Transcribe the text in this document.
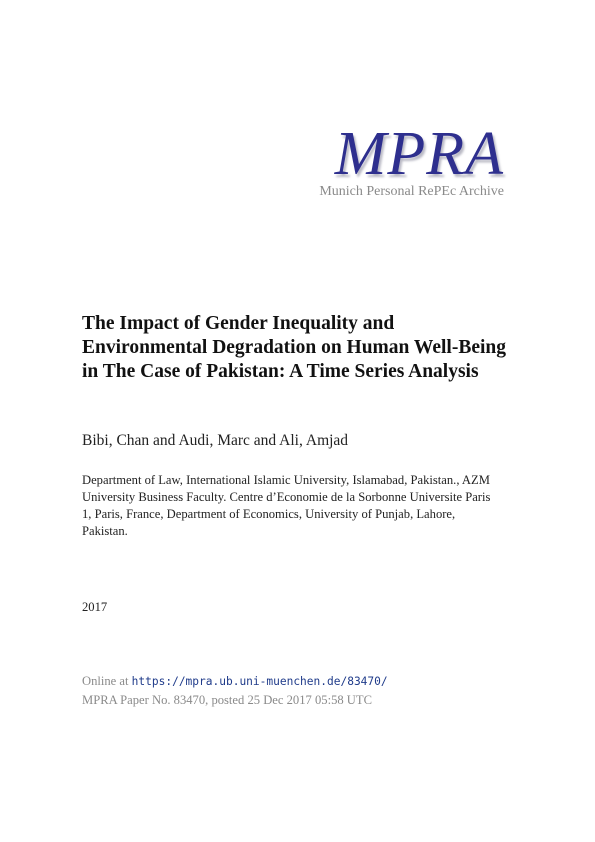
MPRA
Munich Personal RePEc Archive
The Impact of Gender Inequality and Environmental Degradation on Human Well-Being in The Case of Pakistan: A Time Series Analysis
Bibi, Chan and Audi, Marc and Ali, Amjad
Department of Law, International Islamic University, Islamabad, Pakistan., AZM University Business Faculty. Centre d’Economie de la Sorbonne Universite Paris 1, Paris, France, Department of Economics, University of Punjab, Lahore, Pakistan.
2017
Online at https://mpra.ub.uni-muenchen.de/83470/
MPRA Paper No. 83470, posted 25 Dec 2017 05:58 UTC
